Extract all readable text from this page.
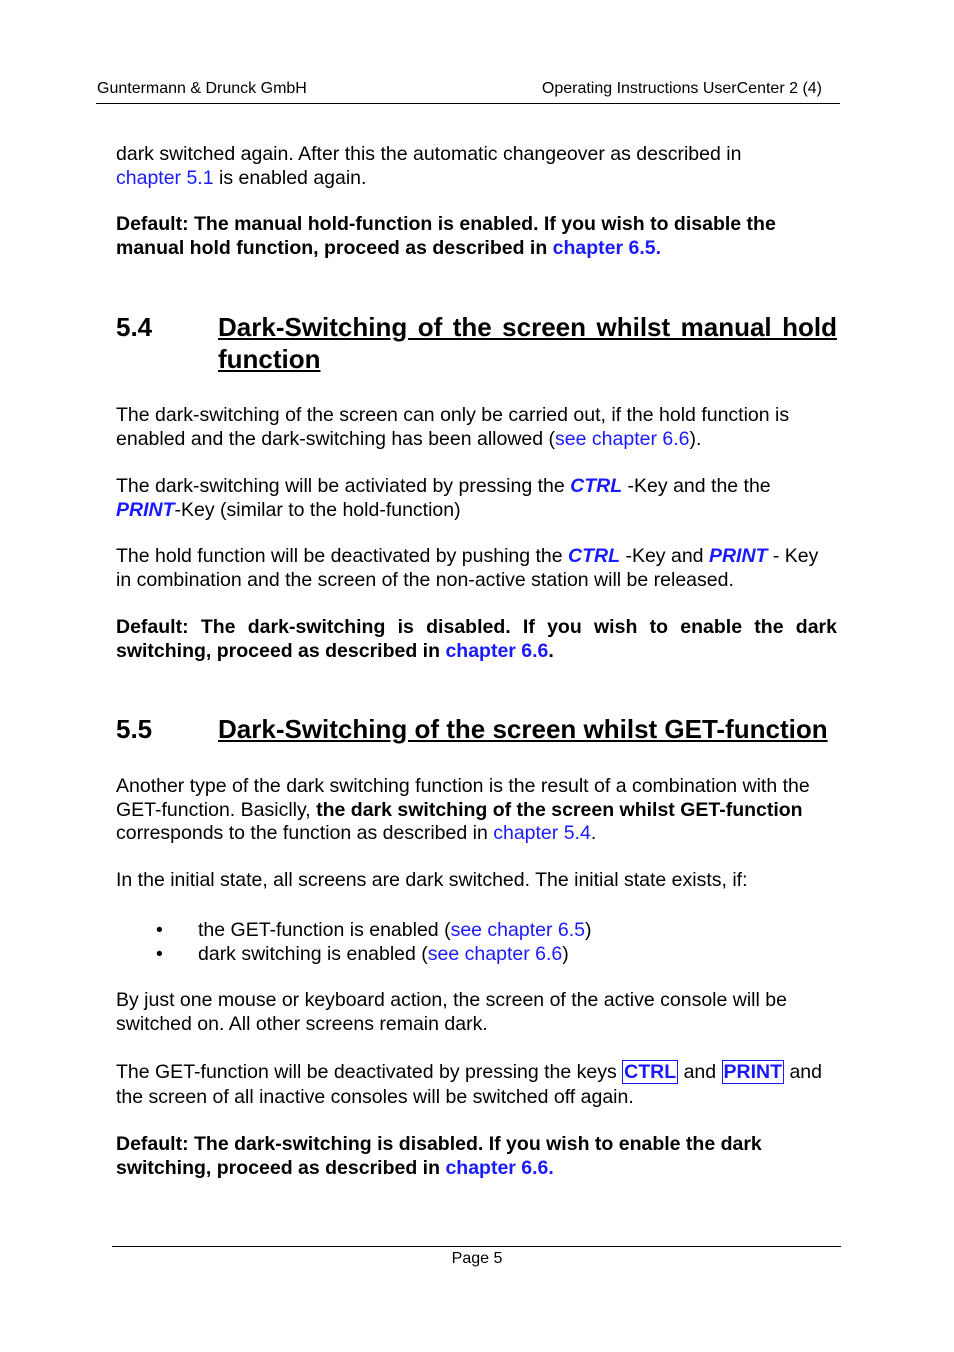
Guntermann & Drunck GmbH	Operating Instructions UserCenter 2 (4)
dark switched again. After this the automatic changeover as described in
chapter 5.1 is enabled again.
Default: The manual hold-function is enabled. If you wish to disable the manual hold function, proceed as described in chapter 6.5.
5.4	Dark-Switching of the screen whilst manual hold function
The dark-switching of the screen can only be carried out, if the hold function is enabled and the dark-switching has been allowed (see chapter 6.6).
The dark-switching will be activiated by pressing the CTRL -Key and the the
PRINT-Key (similar to the hold-function)
The hold function will be deactivated by pushing the CTRL -Key and PRINT - Key in combination and the screen of the non-active station will be released.
Default: The dark-switching is disabled. If you wish to enable the dark switching, proceed as described in chapter 6.6.
5.5	Dark-Switching of the screen whilst GET-function
Another type of the dark switching function is the result of a combination with the GET-function. Basiclly, the dark switching of the screen whilst GET-function corresponds to the function as described in chapter 5.4.
In the initial state, all screens are dark switched. The initial state exists, if:
• the GET-function is enabled (see chapter 6.5)
• dark switching is enabled (see chapter 6.6)
By just one mouse or keyboard action, the screen of the active console will be switched on. All other screens remain dark.
The GET-function will be deactivated by pressing the keys CTRL and PRINT and the screen of all inactive consoles will be switched off again.
Default: The dark-switching is disabled. If you wish to enable the dark switching, proceed as described in chapter 6.6.
Page 5
